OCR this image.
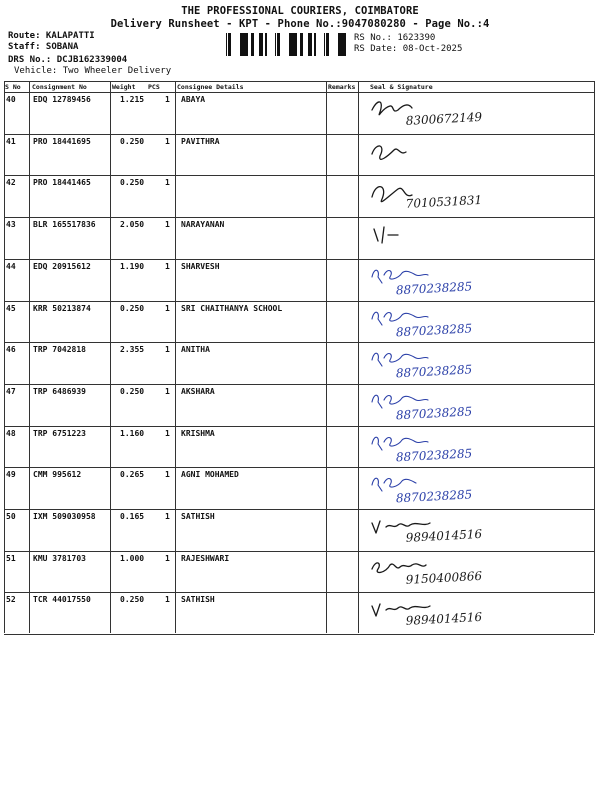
THE PROFESSIONAL COURIERS, COIMBATORE
Delivery Runsheet - KPT - Phone No.:9047080280 - Page No.:4
Route: KALAPATTI
Staff: SOBANA
DRS No.: DCJB162339004
Vehicle: Two Wheeler Delivery
RS No.: 1623390
RS Date: 08-Oct-2025
S No Consignment No	Weight PCS	Consignee Details	Remarks Seal & Signature
40 EDQ 12789456	1.215	1 ABAYA
8300672149
41 PRO 18441695	0.250	1 PAVITHRA
42 PRO 18441465	0.250	1
7010531831
43 BLR 165517836	2.050	1 NARAYANAN
44 EDQ 20915612	1.190	1 SHARVESH
8870238285
45 KRR 50213874	0.250	1 SRI CHAITHANYA SCHOOL
8870238285
46 TRP 7042818	2.355	1 ANITHA
8870238285
47 TRP 6486939	0.250	1 AKSHARA
8870238285
48 TRP 6751223	1.160	1 KRISHMA
8870238285
49 CMM 995612	0.265	1 AGNI MOHAMED
8870238285
50 IXM 509030958	0.165	1 SATHISH
9894014516
51 KMU 3781703	1.000	1 RAJESHWARI
9150400866
52 TCR 44017550	0.250	1 SATHISH
9894014516
